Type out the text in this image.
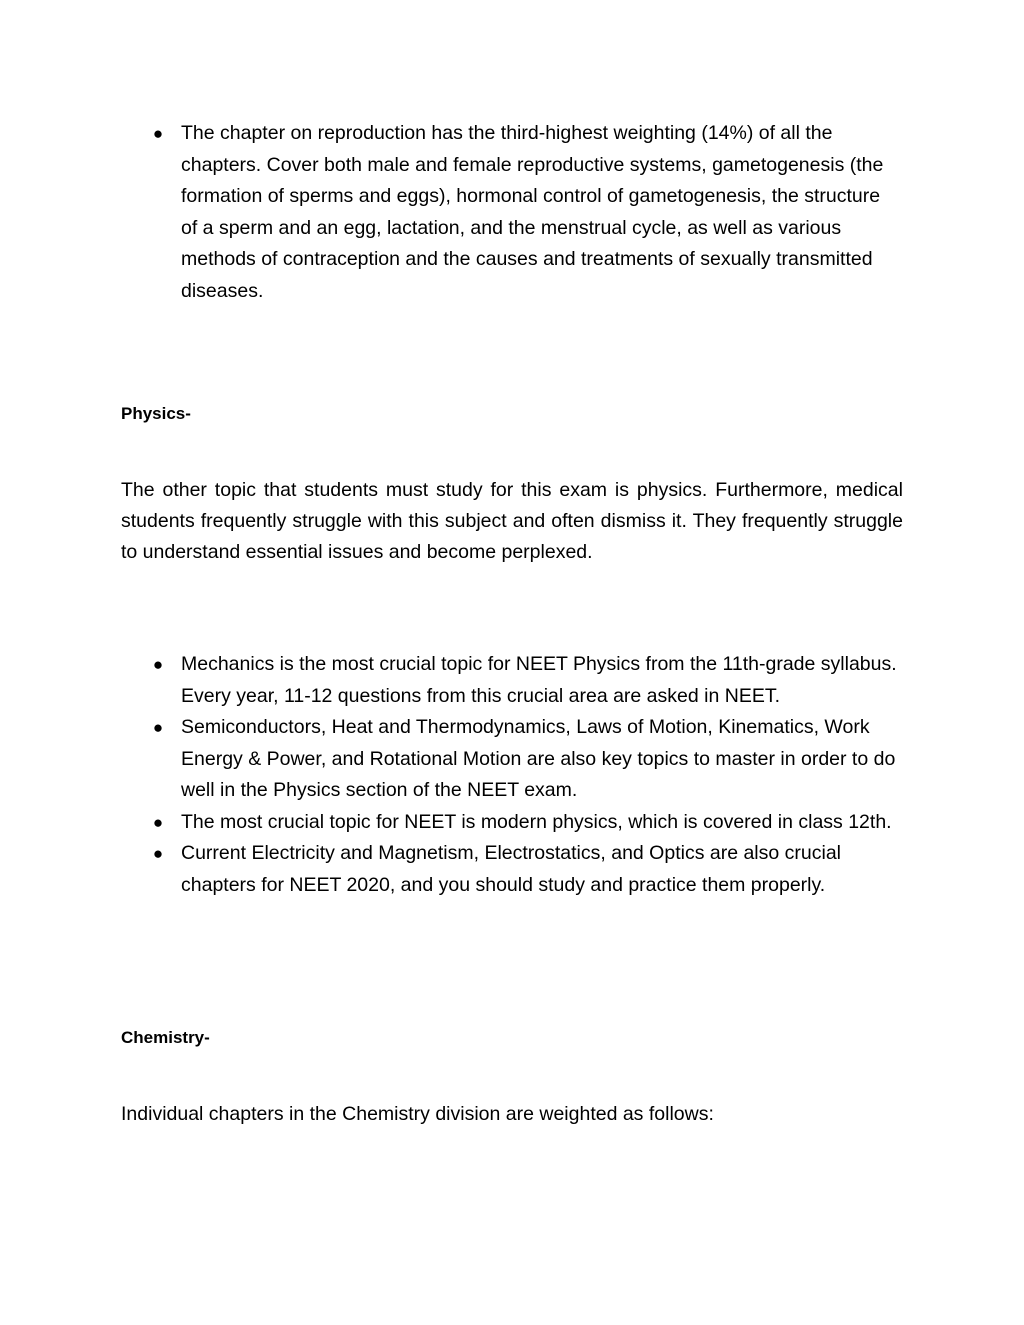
● The chapter on reproduction has the third-highest weighting (14%) of all the chapters. Cover both male and female reproductive systems, gametogenesis (the formation of sperms and eggs), hormonal control of gametogenesis, the structure of a sperm and an egg, lactation, and the menstrual cycle, as well as various methods of contraception and the causes and treatments of sexually transmitted diseases.
Physics-
The other topic that students must study for this exam is physics. Furthermore, medical students frequently struggle with this subject and often dismiss it. They frequently struggle to understand essential issues and become perplexed.
● Mechanics is the most crucial topic for NEET Physics from the 11th-grade syllabus. Every year, 11-12 questions from this crucial area are asked in NEET.
● Semiconductors, Heat and Thermodynamics, Laws of Motion, Kinematics, Work Energy & Power, and Rotational Motion are also key topics to master in order to do well in the Physics section of the NEET exam.
● The most crucial topic for NEET is modern physics, which is covered in class 12th.
● Current Electricity and Magnetism, Electrostatics, and Optics are also crucial chapters for NEET 2020, and you should study and practice them properly.
Chemistry-
Individual chapters in the Chemistry division are weighted as follows:
